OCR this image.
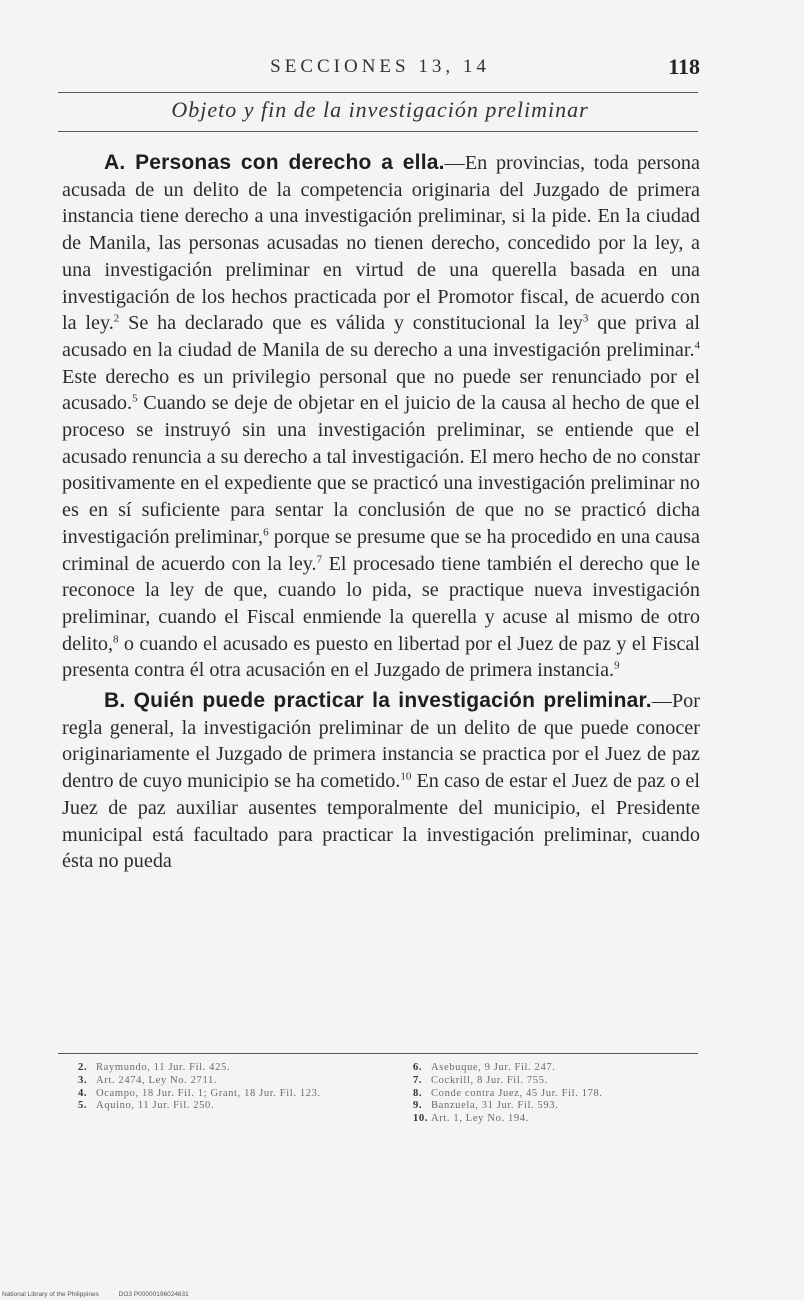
SECCIONES 13, 14	118
Objeto y fin de la investigación preliminar

A. Personas con derecho a ella.—En provincias, toda persona acusada de un delito de la competencia originaria del Juzgado de primera instancia tiene derecho a una investigación preliminar, si la pide. En la ciudad de Manila, las personas acusadas no tienen derecho, concedido por la ley, a una investigación preliminar en virtud de una querella basada en una investigación de los hechos practicada por el Promotor fiscal, de acuerdo con la ley.$^2$ Se ha declarado que es válida y constitucional la ley$^3$ que priva al acusado en la ciudad de Manila de su derecho a una investigación preliminar.$^4$ Este derecho es un privilegio personal que no puede ser renunciado por el acusado.$^5$ Cuando se deje de objetar en el juicio de la causa al hecho de que el proceso se instruyó sin una investigación preliminar, se entiende que el acusado renuncia a su derecho a tal investigación. El mero hecho de no constar positivamente en el expediente que se practicó una investigación preliminar no es en sí suficiente para sentar la conclusión de que no se practicó dicha investigación preliminar,$^6$ porque se presume que se ha procedido en una causa criminal de acuerdo con la ley.$^7$ El procesado tiene también el derecho que le reconoce la ley de que, cuando lo pida, se practique nueva investigación preliminar, cuando el Fiscal enmiende la querella y acuse al mismo de otro delito,$^8$ o cuando el acusado es puesto en libertad por el Juez de paz y el Fiscal presenta contra él otra acusación en el Juzgado de primera instancia.$^9$

B. Quién puede practicar la investigación preliminar.—Por regla general, la investigación preliminar de un delito de que puede conocer originariamente el Juzgado de primera instancia se practica por el Juez de paz dentro de cuyo municipio se ha cometido.$^{10}$ En caso de estar el Juez de paz o el Juez de paz auxiliar ausentes temporalmente del municipio, el Presidente municipal está facultado para practicar la investigación preliminar, cuando ésta no pueda

2. Raymundo, 11 Jur. Fil. 425.
3. Art. 2474, Ley No. 2711.
4. Ocampo, 18 Jur. Fil. 1; Grant, 18 Jur. Fil. 123.
5. Aquino, 11 Jur. Fil. 250.
6. Asebuque, 9 Jur. Fil. 247.
7. Cockrill, 8 Jur. Fil. 755.
8. Conde contra Juez, 45 Jur. Fil. 178.
9. Banzuela, 31 Jur. Fil. 593.
10. Art. 1, Ley No. 194.
National Library of the Philippines	DO3 P00000196024631
